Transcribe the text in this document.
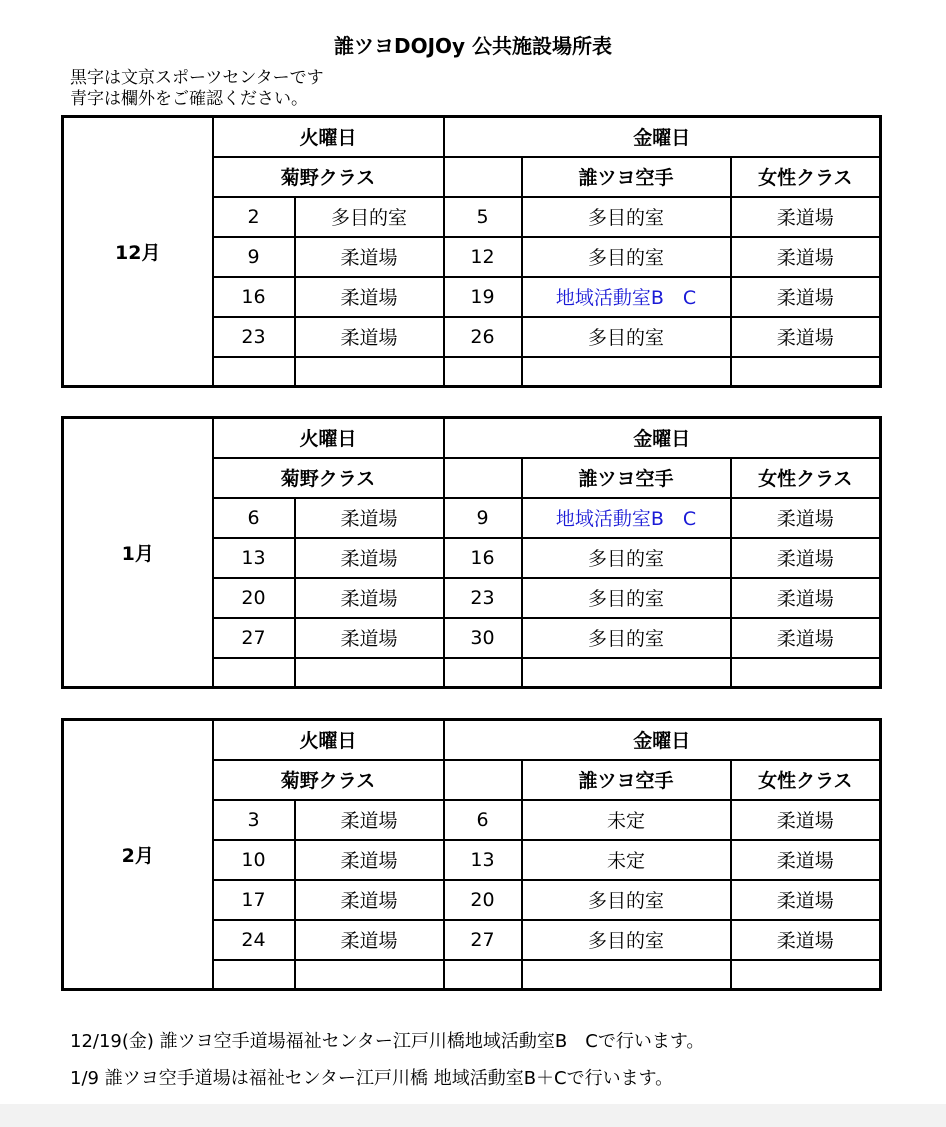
誰ツヨDOJOy 公共施設場所表
黒字は文京スポーツセンターです
青字は欄外をご確認ください。
12月	火曜日		金曜日		
	菊野クラス			誰ツヨ空手	女性クラス
	2	多目的室	5	多目的室	柔道場
	9	柔道場	12	多目的室	柔道場
	16	柔道場	19	地域活動室B　C	柔道場
	23	柔道場	26	多目的室	柔道場

1月	火曜日		金曜日		
	菊野クラス			誰ツヨ空手	女性クラス
	6	柔道場	9	地域活動室B　C	柔道場
	13	柔道場	16	多目的室	柔道場
	20	柔道場	23	多目的室	柔道場
	27	柔道場	30	多目的室	柔道場

2月	火曜日		金曜日		
	菊野クラス			誰ツヨ空手	女性クラス
	3	柔道場	6	未定	柔道場
	10	柔道場	13	未定	柔道場
	17	柔道場	20	多目的室	柔道場
	24	柔道場	27	多目的室	柔道場

12/19(金) 誰ツヨ空手道場福祉センター江戸川橋地域活動室B　Cで行います。
1/9 誰ツヨ空手道場は福祉センター江戸川橋 地域活動室B＋Cで行います。
